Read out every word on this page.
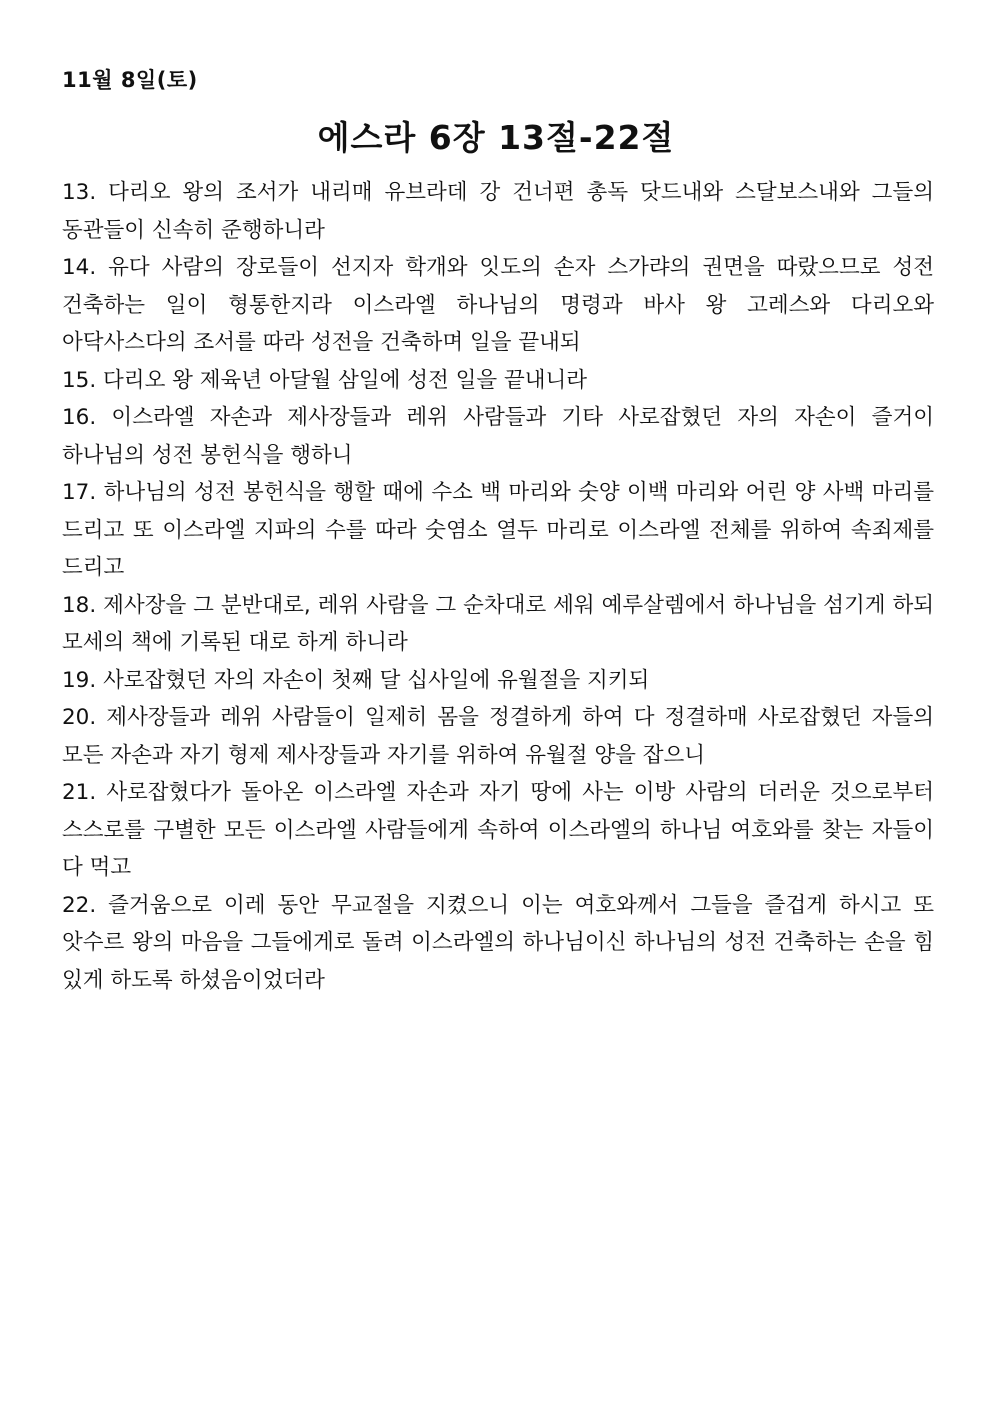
11월 8일(토)
에스라 6장 13절-22절

13. 다리오 왕의 조서가 내리매 유브라데 강 건너편 총독 닷드내와 스달보스내와 그들의 동관들이 신속히 준행하니라

14. 유다 사람의 장로들이 선지자 학개와 잇도의 손자 스가랴의 권면을 따랐으므로 성전 건축하는 일이 형통한지라 이스라엘 하나님의 명령과 바사 왕 고레스와 다리오와 아닥사스다의 조서를 따라 성전을 건축하며 일을 끝내되

15. 다리오 왕 제육년 아달월 삼일에 성전 일을 끝내니라

16. 이스라엘 자손과 제사장들과 레위 사람들과 기타 사로잡혔던 자의 자손이 즐거이 하나님의 성전 봉헌식을 행하니

17. 하나님의 성전 봉헌식을 행할 때에 수소 백 마리와 숫양 이백 마리와 어린 양 사백 마리를 드리고 또 이스라엘 지파의 수를 따라 숫염소 열두 마리로 이스라엘 전체를 위하여 속죄제를 드리고

18. 제사장을 그 분반대로, 레위 사람을 그 순차대로 세워 예루살렘에서 하나님을 섬기게 하되 모세의 책에 기록된 대로 하게 하니라

19. 사로잡혔던 자의 자손이 첫째 달 십사일에 유월절을 지키되

20. 제사장들과 레위 사람들이 일제히 몸을 정결하게 하여 다 정결하매 사로잡혔던 자들의 모든 자손과 자기 형제 제사장들과 자기를 위하여 유월절 양을 잡으니

21. 사로잡혔다가 돌아온 이스라엘 자손과 자기 땅에 사는 이방 사람의 더러운 것으로부터 스스로를 구별한 모든 이스라엘 사람들에게 속하여 이스라엘의 하나님 여호와를 찾는 자들이 다 먹고

22. 즐거움으로 이레 동안 무교절을 지켰으니 이는 여호와께서 그들을 즐겁게 하시고 또 앗수르 왕의 마음을 그들에게로 돌려 이스라엘의 하나님이신 하나님의 성전 건축하는 손을 힘 있게 하도록 하셨음이었더라
